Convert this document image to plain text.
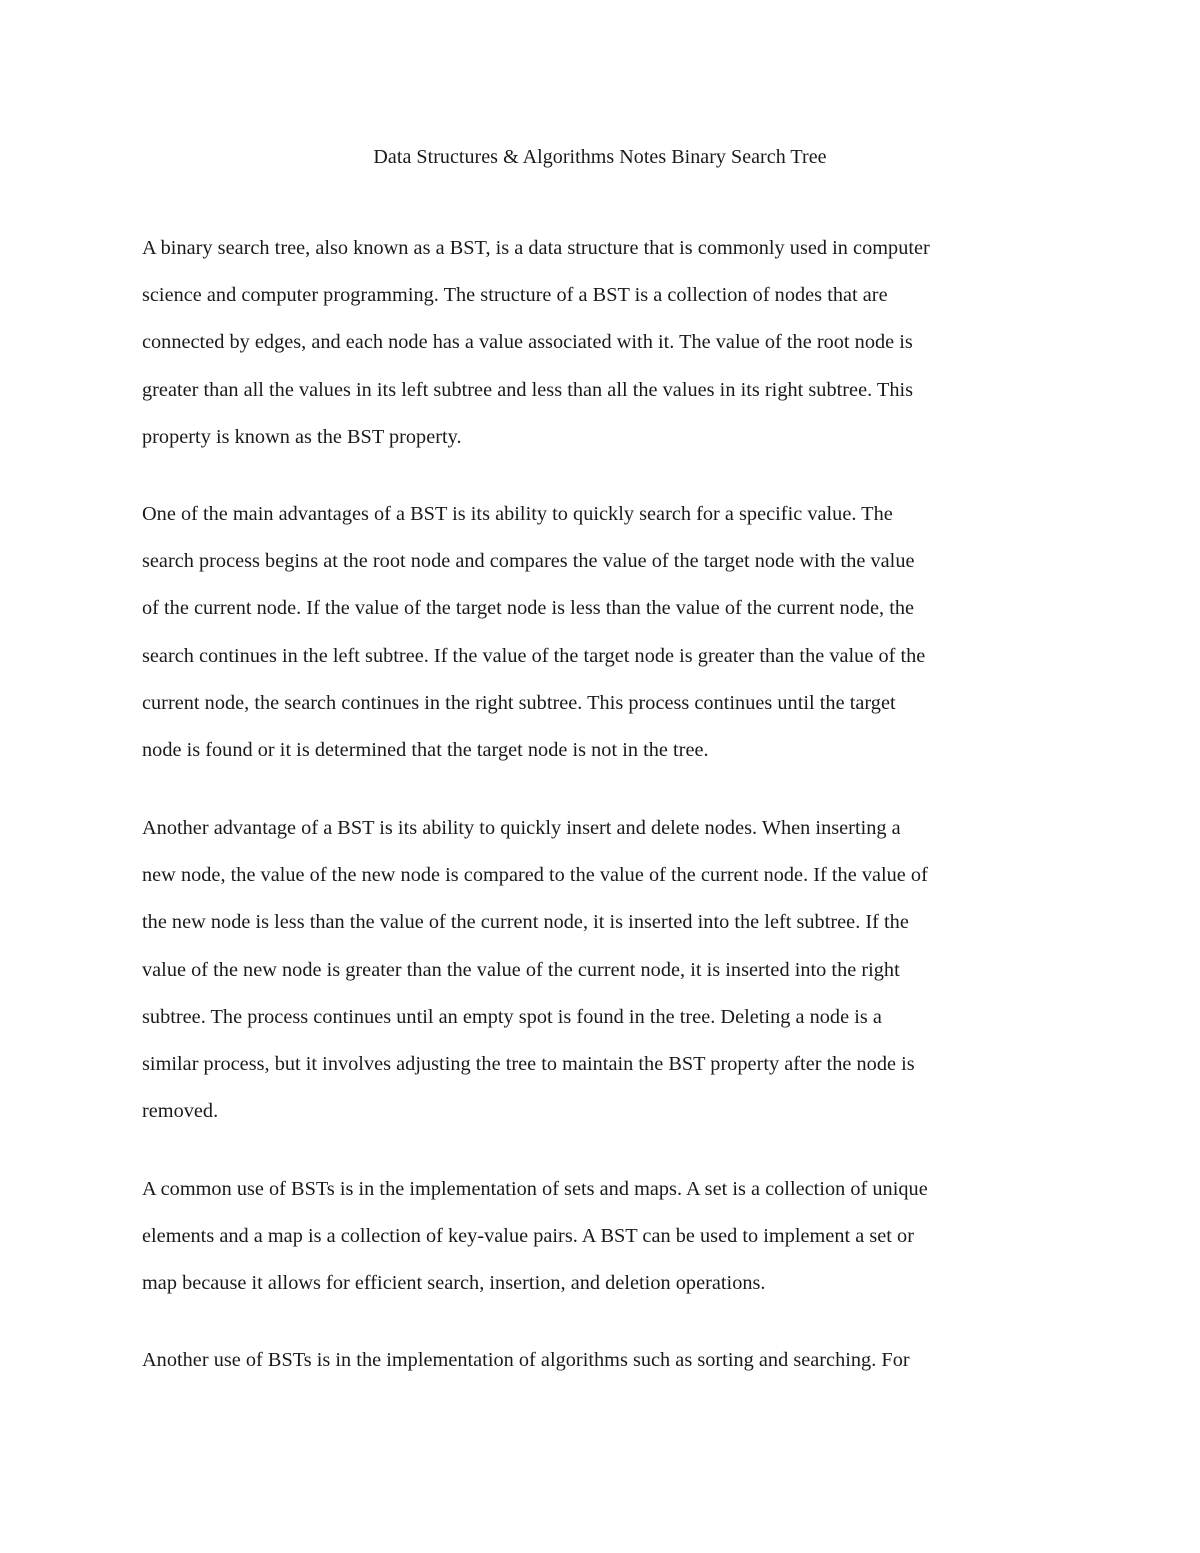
Data Structures & Algorithms Notes Binary Search Tree

A binary search tree, also known as a BST, is a data structure that is commonly used in computer
science and computer programming. The structure of a BST is a collection of nodes that are
connected by edges, and each node has a value associated with it. The value of the root node is
greater than all the values in its left subtree and less than all the values in its right subtree. This
property is known as the BST property.

One of the main advantages of a BST is its ability to quickly search for a specific value. The
search process begins at the root node and compares the value of the target node with the value
of the current node. If the value of the target node is less than the value of the current node, the
search continues in the left subtree. If the value of the target node is greater than the value of the
current node, the search continues in the right subtree. This process continues until the target
node is found or it is determined that the target node is not in the tree.

Another advantage of a BST is its ability to quickly insert and delete nodes. When inserting a
new node, the value of the new node is compared to the value of the current node. If the value of
the new node is less than the value of the current node, it is inserted into the left subtree. If the
value of the new node is greater than the value of the current node, it is inserted into the right
subtree. The process continues until an empty spot is found in the tree. Deleting a node is a
similar process, but it involves adjusting the tree to maintain the BST property after the node is
removed.

A common use of BSTs is in the implementation of sets and maps. A set is a collection of unique
elements and a map is a collection of key-value pairs. A BST can be used to implement a set or
map because it allows for efficient search, insertion, and deletion operations.

Another use of BSTs is in the implementation of algorithms such as sorting and searching. For
